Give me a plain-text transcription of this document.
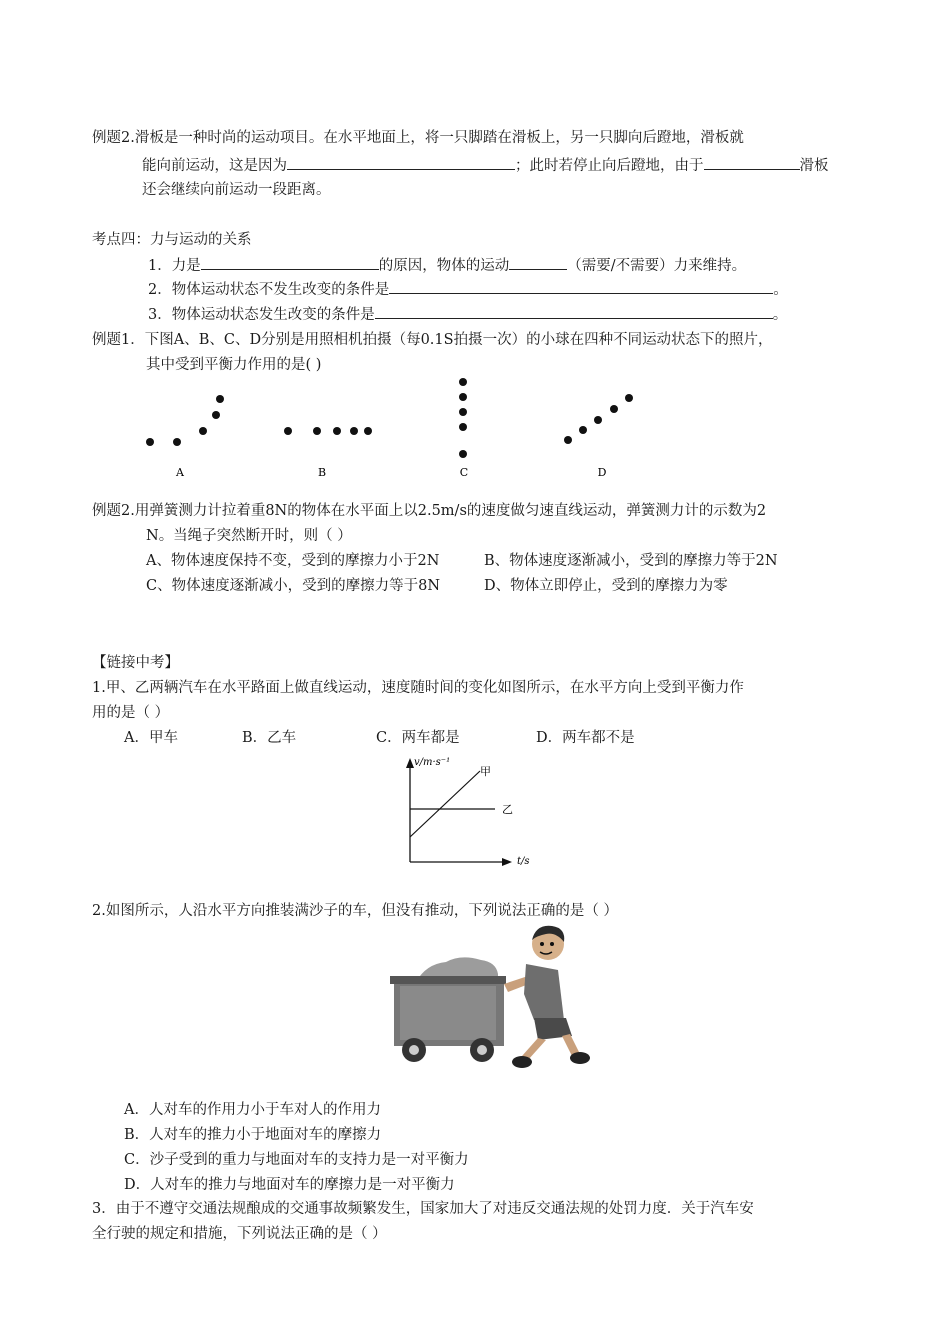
例题2.滑板是一种时尚的运动项目。在水平地面上，将一只脚踏在滑板上，另一只脚向后蹬地，滑板就
能向前运动，这是因为	；此时若停止向后蹬地，由于	滑板
还会继续向前运动一段距离。
考点四：力与运动的关系
1．力是	的原因，物体的运动	（需要/不需要）力来维持。
2．物体运动状态不发生改变的条件是	。
3．物体运动状态发生改变的条件是	。
例题1．下图A、B、C、D分别是用照相机拍摄（每0.1S拍摄一次）的小球在四种不同运动状态下的照片，
其中受到平衡力作用的是( )
A	B	C	D
例题2.用弹簧测力计拉着重8N的物体在水平面上以2.5m/s的速度做匀速直线运动，弹簧测力计的示数为2
N。当绳子突然断开时，则（ ）
A、物体速度保持不变，受到的摩擦力小于2N	B、物体速度逐渐减小，受到的摩擦力等于2N
C、物体速度逐渐减小，受到的摩擦力等于8N	D、物体立即停止，受到的摩擦力为零
【链接中考】
1.甲、乙两辆汽车在水平路面上做直线运动，速度随时间的变化如图所示，在水平方向上受到平衡力作
用的是（ ）
A．甲车	B．乙车	C．两车都是	D．两车都不是
v/m·s⁻¹
甲
乙
t/s
2.如图所示，人沿水平方向推装满沙子的车，但没有推动，下列说法正确的是（ ）
A．人对车的作用力小于车对人的作用力
B．人对车的推力小于地面对车的摩擦力
C．沙子受到的重力与地面对车的支持力是一对平衡力
D．人对车的推力与地面对车的摩擦力是一对平衡力
3．由于不遵守交通法规酿成的交通事故频繁发生，国家加大了对违反交通法规的处罚力度．关于汽车安
全行驶的规定和措施，下列说法正确的是（ ）
